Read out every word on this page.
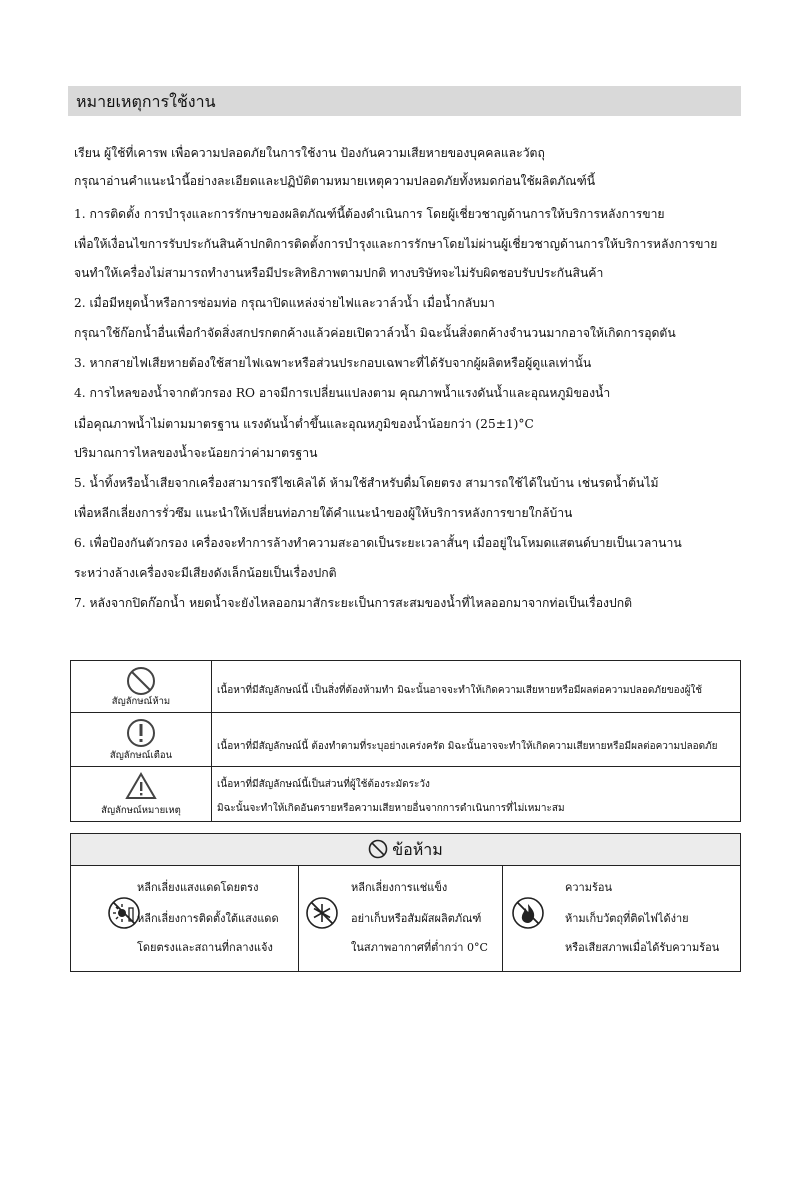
หมายเหตุการใช้งาน
เรียน ผู้ใช้ที่เคารพ เพื่อความปลอดภัยในการใช้งาน ป้องกันความเสียหายของบุคคลและวัตถุ
กรุณาอ่านคำแนะนำนี้อย่างละเอียดและปฏิบัติตามหมายเหตุความปลอดภัยทั้งหมดก่อนใช้ผลิตภัณฑ์นี้
1. การติดตั้ง การบำรุงและการรักษาของผลิตภัณฑ์นี้ต้องดำเนินการ โดยผู้เชี่ยวชาญด้านการให้บริการหลังการขาย
เพื่อให้เงื่อนไขการรับประกันสินค้าปกติการติดตั้งการบำรุงและการรักษาโดยไม่ผ่านผู้เชี่ยวชาญด้านการให้บริการหลังการขาย
จนทำให้เครื่องไม่สามารถทำงานหรือมีประสิทธิภาพตามปกติ ทางบริษัทจะไม่รับผิดชอบรับประกันสินค้า
2. เมื่อมีหยุดน้ำหรือการซ่อมท่อ กรุณาปิดแหล่งจ่ายไฟและวาล์วน้ำ เมื่อน้ำกลับมา
กรุณาใช้ก๊อกน้ำอื่นเพื่อกำจัดสิ่งสกปรกตกค้างแล้วค่อยเปิดวาล์วน้ำ มิฉะนั้นสิ่งตกค้างจำนวนมากอาจให้เกิดการอุดตัน
3. หากสายไฟเสียหายต้องใช้สายไฟเฉพาะหรือส่วนประกอบเฉพาะที่ได้รับจากผู้ผลิตหรือผู้ดูแลเท่านั้น
4. การไหลของน้ำจากตัวกรอง RO อาจมีการเปลี่ยนแปลงตาม คุณภาพน้ำแรงดันน้ำและอุณหภูมิของน้ำ
เมื่อคุณภาพน้ำไม่ตามมาตรฐาน แรงดันน้ำต่ำขึ้นและอุณหภูมิของน้ำน้อยกว่า (25±1)°C
ปริมาณการไหลของน้ำจะน้อยกว่าค่ามาตรฐาน
5. น้ำทิ้งหรือน้ำเสียจากเครื่องสามารถรีไซเคิลได้ ห้ามใช้สำหรับดื่มโดยตรง สามารถใช้ได้ในบ้าน เช่นรดน้ำต้นไม้
เพื่อหลีกเลี่ยงการรั่วซึม แนะนำให้เปลี่ยนท่อภายใต้คำแนะนำของผู้ให้บริการหลังการขายใกล้บ้าน
6. เพื่อป้องกันตัวกรอง เครื่องจะทำการล้างทำความสะอาดเป็นระยะเวลาสั้นๆ เมื่ออยู่ในโหมดแสตนด์บายเป็นเวลานาน
ระหว่างล้างเครื่องจะมีเสียงดังเล็กน้อยเป็นเรื่องปกติ
7. หลังจากปิดก๊อกน้ำ หยดน้ำจะยังไหลออกมาสักระยะเป็นการสะสมของน้ำที่ไหลออกมาจากท่อเป็นเรื่องปกติ
สัญลักษณ์ห้าม
เนื้อหาที่มีสัญลักษณ์นี้ เป็นสิ่งที่ต้องห้ามทำ มิฉะนั้นอาจจะทำให้เกิดความเสียหายหรือมีผลต่อความปลอดภัยของผู้ใช้
สัญลักษณ์เตือน
เนื้อหาที่มีสัญลักษณ์นี้ ต้องทำตามที่ระบุอย่างเคร่งครัด มิฉะนั้นอาจจะทำให้เกิดความเสียหายหรือมีผลต่อความปลอดภัย
สัญลักษณ์หมายเหตุ
เนื้อหาที่มีสัญลักษณ์นี้เป็นส่วนที่ผู้ใช้ต้องระมัดระวัง
มิฉะนั้นจะทำให้เกิดอันตรายหรือความเสียหายอื่นจากการดำเนินการที่ไม่เหมาะสม
ข้อห้าม
หลีกเลี่ยงแสงแดดโดยตรง
หลีกเลี่ยงการติดตั้งใต้แสงแดด
โดยตรงและสถานที่กลางแจ้ง
หลีกเลี่ยงการแช่แข็ง
อย่าเก็บหรือสัมผัสผลิตภัณฑ์
ในสภาพอากาศที่ต่ำกว่า 0°C
ความร้อน
ห้ามเก็บวัตถุที่ติดไฟได้ง่าย
หรือเสียสภาพเมื่อได้รับความร้อน
